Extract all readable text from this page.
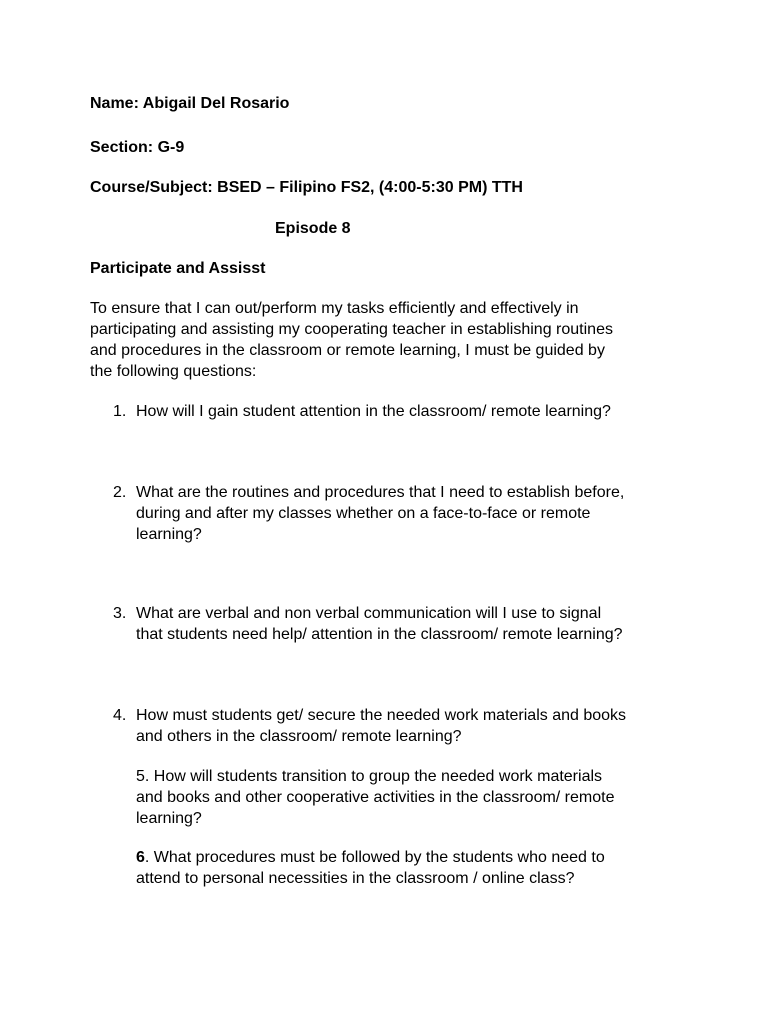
Name: Abigail Del Rosario
Section: G-9
Course/Subject: BSED – Filipino FS2, (4:00-5:30 PM) TTH
Episode 8
Participate and Assisst

To ensure that I can out/perform my tasks efficiently and effectively in

participating and assisting my cooperating teacher in establishing routines

and procedures in the classroom or remote learning, I must be guided by

the following questions:

1. How will I gain student attention in the classroom/ remote learning?

2. What are the routines and procedures that I need to establish before,

during and after my classes whether on a face-to-face or remote

learning?

3. What are verbal and non verbal communication will I use to signal

that students need help/ attention in the classroom/ remote learning?

4. How must students get/ secure the needed work materials and books

and others in the classroom/ remote learning?

5. How will students transition to group the needed work materials

and books and other cooperative activities in the classroom/ remote

learning?

6. What procedures must be followed by the students who need to

attend to personal necessities in the classroom / online class?
